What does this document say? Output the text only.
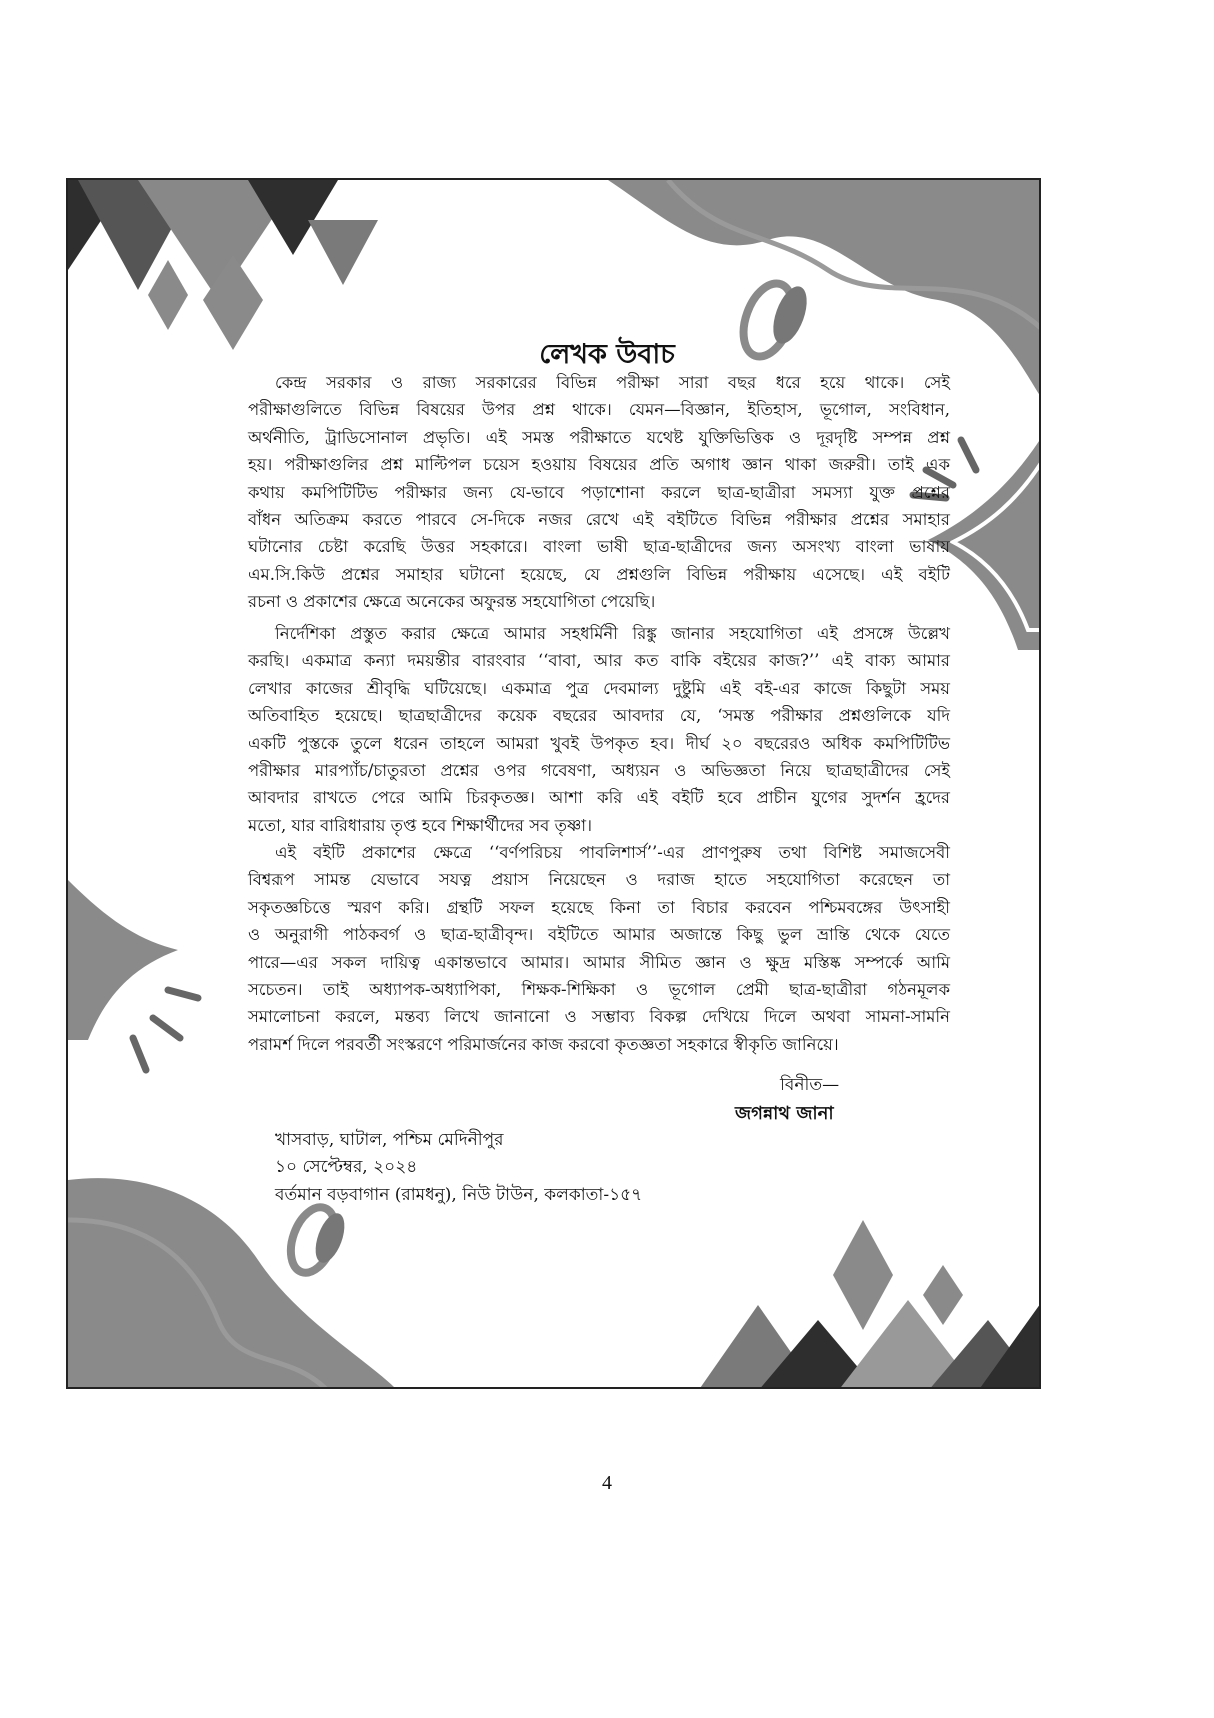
লেখক উবাচ
কেন্দ্র সরকার ও রাজ্য সরকারের বিভিন্ন পরীক্ষা সারা বছর ধরে হয়ে থাকে। সেই
পরীক্ষাগুলিতে বিভিন্ন বিষয়ের উপর প্রশ্ন থাকে। যেমন—বিজ্ঞান, ইতিহাস, ভূগোল, সংবিধান,
অর্থনীতি, ট্রাডিসোনাল প্রভৃতি। এই সমস্ত পরীক্ষাতে যথেষ্ট যুক্তিভিত্তিক ও দূরদৃষ্টি সম্পন্ন প্রশ্ন
হয়। পরীক্ষাগুলির প্রশ্ন মাল্টিপল চয়েস হওয়ায় বিষয়ের প্রতি অগাধ জ্ঞান থাকা জরুরী। তাই এক
কথায় কমপিটিটিভ পরীক্ষার জন্য যে-ভাবে পড়াশোনা করলে ছাত্র-ছাত্রীরা সমস্যা যুক্ত প্রশ্নের
বাঁধন অতিক্রম করতে পারবে সে-দিকে নজর রেখে এই বইটিতে বিভিন্ন পরীক্ষার প্রশ্নের সমাহার
ঘটানোর চেষ্টা করেছি উত্তর সহকারে। বাংলা ভাষী ছাত্র-ছাত্রীদের জন্য অসংখ্য বাংলা ভাষায়
এম.সি.কিউ প্রশ্নের সমাহার ঘটানো হয়েছে, যে প্রশ্নগুলি বিভিন্ন পরীক্ষায় এসেছে। এই বইটি
রচনা ও প্রকাশের ক্ষেত্রে অনেকের অফুরন্ত সহযোগিতা পেয়েছি।
নির্দেশিকা প্রস্তুত করার ক্ষেত্রে আমার সহধর্মিনী রিঙ্কু জানার সহযোগিতা এই প্রসঙ্গে উল্লেখ
করছি। একমাত্র কন্যা দময়ন্তীর বারংবার ‘‘বাবা, আর কত বাকি বইয়ের কাজ?’’ এই বাক্য আমার
লেখার কাজের শ্রীবৃদ্ধি ঘটিয়েছে। একমাত্র পুত্র দেবমাল্য দুষ্টুমি এই বই-এর কাজে কিছুটা সময়
অতিবাহিত হয়েছে। ছাত্রছাত্রীদের কয়েক বছরের আবদার যে, ‘সমস্ত পরীক্ষার প্রশ্নগুলিকে যদি
একটি পুস্তকে তুলে ধরেন তাহলে আমরা খুবই উপকৃত হব। দীর্ঘ ২০ বছরেরও অধিক কমপিটিটিভ
পরীক্ষার মারপ্যাঁচ/চাতুরতা প্রশ্নের ওপর গবেষণা, অধ্যয়ন ও অভিজ্ঞতা নিয়ে ছাত্রছাত্রীদের সেই
আবদার রাখতে পেরে আমি চিরকৃতজ্ঞ। আশা করি এই বইটি হবে প্রাচীন যুগের সুদর্শন হ্রদের
মতো, যার বারিধারায় তৃপ্ত হবে শিক্ষার্থীদের সব তৃষ্ণা।
এই বইটি প্রকাশের ক্ষেত্রে ‘‘বর্ণপরিচয় পাবলিশার্স’’-এর প্রাণপুরুষ তথা বিশিষ্ট সমাজসেবী
বিশ্বরূপ সামন্ত যেভাবে সযত্ন প্রয়াস নিয়েছেন ও দরাজ হাতে সহযোগিতা করেছেন তা
সকৃতজ্ঞচিত্তে স্মরণ করি। গ্রন্থটি সফল হয়েছে কিনা তা বিচার করবেন পশ্চিমবঙ্গের উৎসাহী
ও অনুরাগী পাঠকবর্গ ও ছাত্র-ছাত্রীবৃন্দ। বইটিতে আমার অজান্তে কিছু ভুল ভ্রান্তি থেকে যেতে
পারে—এর সকল দায়িত্ব একান্তভাবে আমার। আমার সীমিত জ্ঞান ও ক্ষুদ্র মস্তিষ্ক সম্পর্কে আমি
সচেতন। তাই অধ্যাপক-অধ্যাপিকা, শিক্ষক-শিক্ষিকা ও ভূগোল প্রেমী ছাত্র-ছাত্রীরা গঠনমূলক
সমালোচনা করলে, মন্তব্য লিখে জানানো ও সম্ভাব্য বিকল্প দেখিয়ে দিলে অথবা সামনা-সামনি
পরামর্শ দিলে পরবর্তী সংস্করণে পরিমার্জনের কাজ করবো কৃতজ্ঞতা সহকারে স্বীকৃতি জানিয়ে।
বিনীত—
জগন্নাথ জানা
খাসবাড়, ঘাটাল, পশ্চিম মেদিনীপুর
১০ সেপ্টেম্বর, ২০২৪
বর্তমান বড়বাগান (রামধনু), নিউ টাউন, কলকাতা-১৫৭
4
